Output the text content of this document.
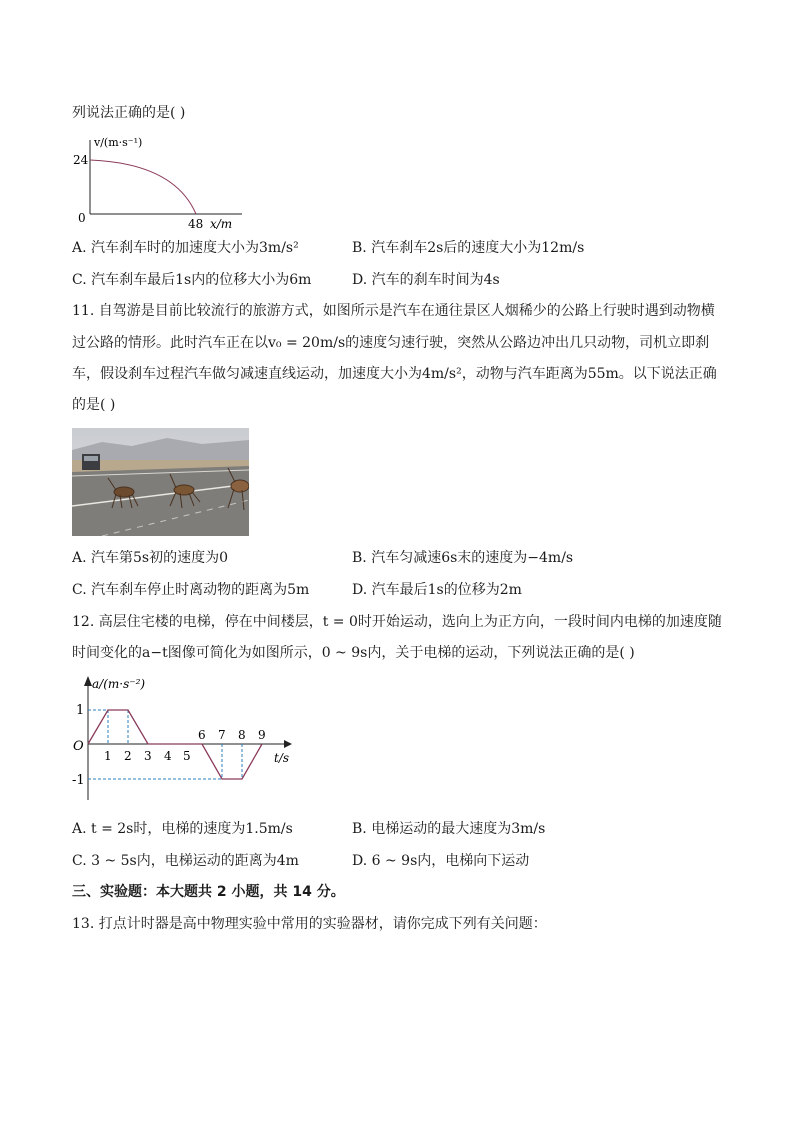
列说法正确的是( )
v/(m·s⁻¹)
24
0	48 x/m
A. 汽车刹车时的加速度大小为3m/s²	B. 汽车刹车2s后的速度大小为12m/s
C. 汽车刹车最后1s内的位移大小为6m	D. 汽车的刹车时间为4s
11. 自驾游是目前比较流行的旅游方式，如图所示是汽车在通往景区人烟稀少的公路上行驶时遇到动物横
过公路的情形。此时汽车正在以v₀ = 20m/s的速度匀速行驶，突然从公路边冲出几只动物，司机立即刹
车，假设刹车过程汽车做匀减速直线运动，加速度大小为4m/s²，动物与汽车距离为55m。以下说法正确
的是( )
A. 汽车第5s初的速度为0	B. 汽车匀减速6s末的速度为−4m/s
C. 汽车刹车停止时离动物的距离为5m	D. 汽车最后1s的位移为2m
12. 高层住宅楼的电梯，停在中间楼层，t = 0时开始运动，选向上为正方向，一段时间内电梯的加速度随
时间变化的a−t图像可简化为如图所示，0 ~ 9s内，关于电梯的运动，下列说法正确的是( )
a/(m·s⁻²)
1
-1
O
t/s
1 2 3 4 5
6 7 8 9
A. t = 2s时，电梯的速度为1.5m/s	B. 电梯运动的最大速度为3m/s
C. 3 ~ 5s内，电梯运动的距离为4m	D. 6 ~ 9s内，电梯向下运动
三、实验题：本大题共 2 小题，共 14 分。
13. 打点计时器是高中物理实验中常用的实验器材，请你完成下列有关问题：
